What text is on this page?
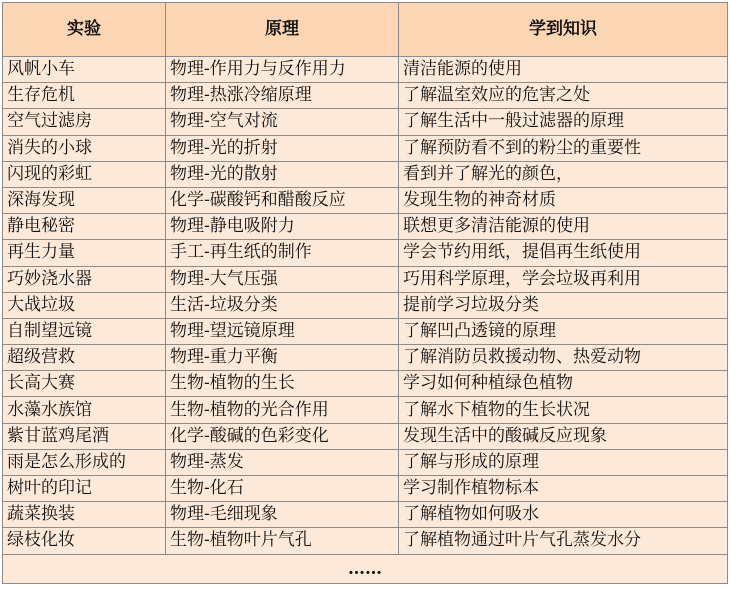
实验	原理	学到知识
风帆小车	物理-作用力与反作用力	清洁能源的使用
生存危机	物理-热涨冷缩原理	了解温室效应的危害之处
空气过滤房	物理-空气对流	了解生活中一般过滤器的原理
消失的小球	物理-光的折射	了解预防看不到的粉尘的重要性
闪现的彩虹	物理-光的散射	看到并了解光的颜色，
深海发现	化学-碳酸钙和醋酸反应	发现生物的神奇材质
静电秘密	物理-静电吸附力	联想更多清洁能源的使用
再生力量	手工-再生纸的制作	学会节约用纸，提倡再生纸使用
巧妙浇水器	物理-大气压强	巧用科学原理，学会垃圾再利用
大战垃圾	生活-垃圾分类	提前学习垃圾分类
自制望远镜	物理-望远镜原理	了解凹凸透镜的原理
超级营救	物理-重力平衡	了解消防员救援动物、热爱动物
长高大赛	生物-植物的生长	学习如何种植绿色植物
水藻水族馆	生物-植物的光合作用	了解水下植物的生长状况
紫甘蓝鸡尾酒	化学-酸碱的色彩变化	发现生活中的酸碱反应现象
雨是怎么形成的	物理-蒸发	了解与形成的原理
树叶的印记	生物-化石	学习制作植物标本
蔬菜换装	物理-毛细现象	了解植物如何吸水
绿枝化妆	生物-植物叶片气孔	了解植物通过叶片气孔蒸发水分
……		
